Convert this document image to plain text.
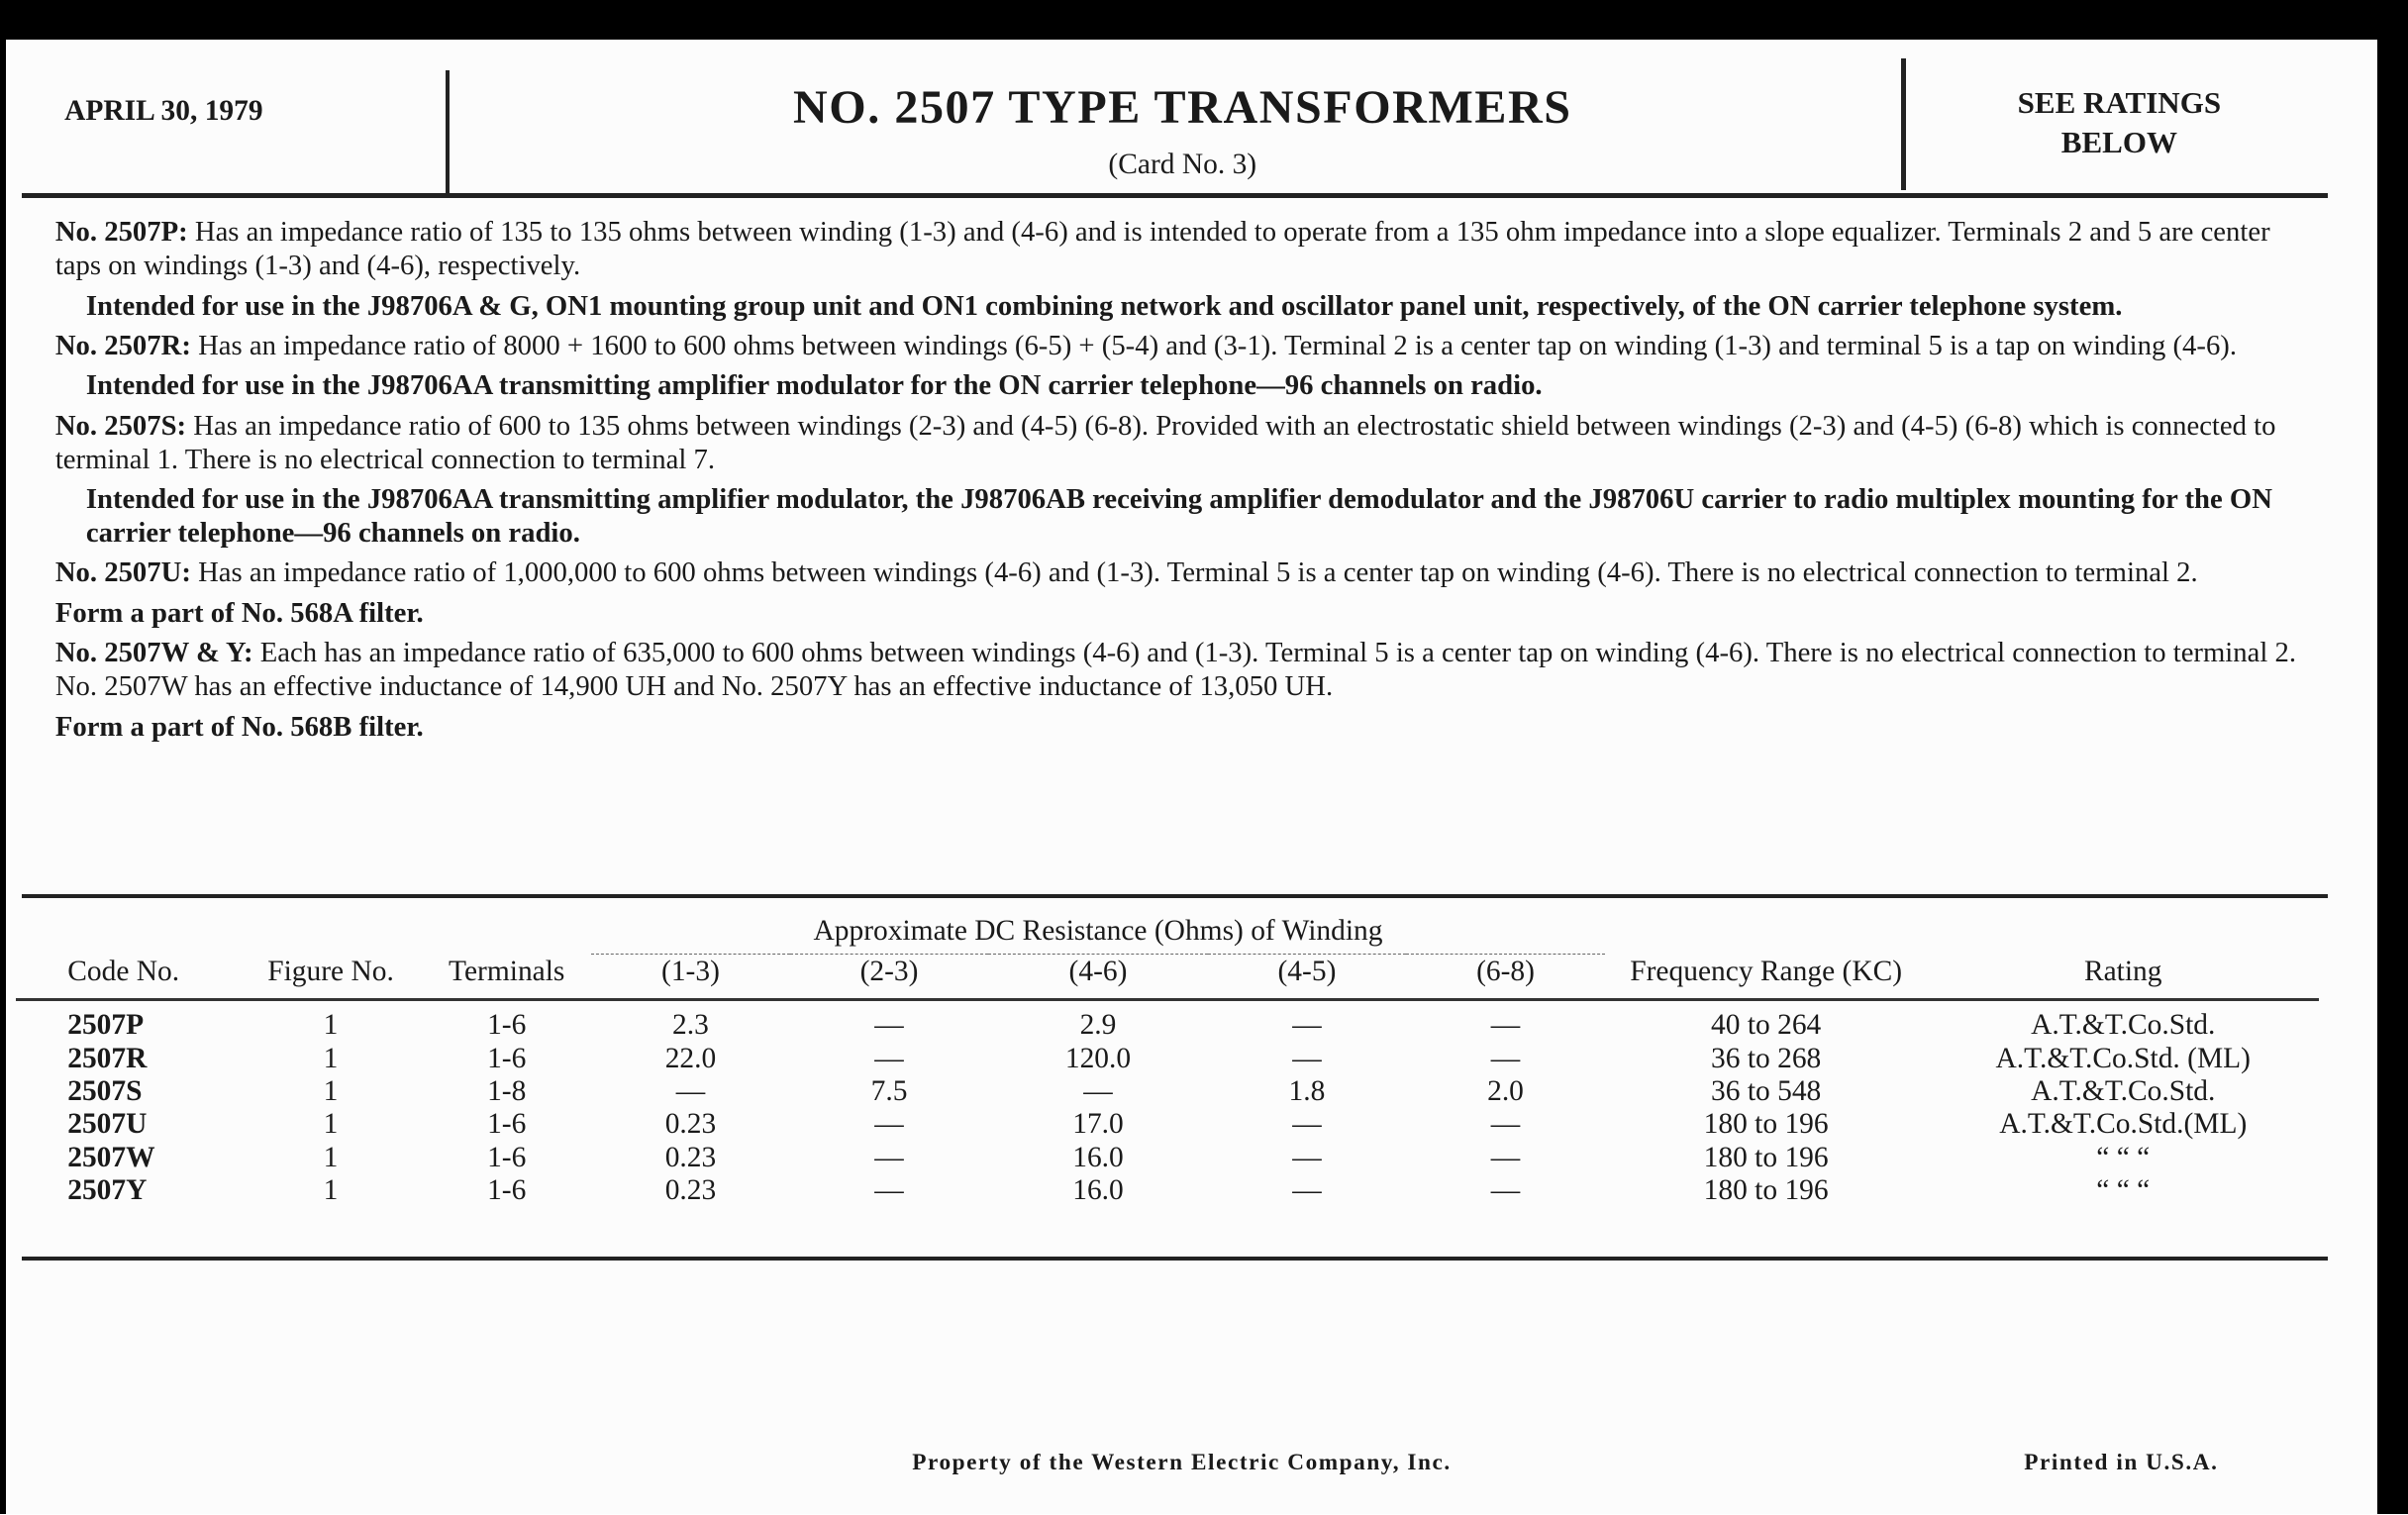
APRIL 30, 1979	NO. 2507 TYPE TRANSFORMERS
(Card No. 3)
SEE RATINGS
BELOW

No. 2507P: Has an impedance ratio of 135 to 135 ohms between winding (1-3) and (4-6) and is intended to operate from a 135 ohm impedance into a slope equalizer. Terminals 2 and 5 are center taps on windings (1-3) and (4-6), respectively.

Intended for use in the J98706A & G, ON1 mounting group unit and ON1 combining network and oscillator panel unit, respectively, of the ON carrier telephone system.

No. 2507R: Has an impedance ratio of 8000 + 1600 to 600 ohms between windings (6-5) + (5-4) and (3-1). Terminal 2 is a center tap on winding (1-3) and terminal 5 is a tap on winding (4-6).

Intended for use in the J98706AA transmitting amplifier modulator for the ON carrier telephone—96 channels on radio.

No. 2507S: Has an impedance ratio of 600 to 135 ohms between windings (2-3) and (4-5) (6-8). Provided with an electrostatic shield between windings (2-3) and (4-5) (6-8) which is connected to terminal 1. There is no electrical connection to terminal 7.

Intended for use in the J98706AA transmitting amplifier modulator, the J98706AB receiving amplifier demodulator and the J98706U carrier to radio multiplex mounting for the ON carrier telephone—96 channels on radio.

No. 2507U: Has an impedance ratio of 1,000,000 to 600 ohms between windings (4-6) and (1-3). Terminal 5 is a center tap on winding (4-6). There is no electrical connection to terminal 2.

Form a part of No. 568A filter.

No. 2507W & Y: Each has an impedance ratio of 635,000 to 600 ohms between windings (4-6) and (1-3). Terminal 5 is a center tap on winding (4-6). There is no electrical connection to terminal 2. No. 2507W has an effective inductance of 14,900 UH and No. 2507Y has an effective inductance of 13,050 UH.

Form a part of No. 568B filter.

Code No.	Figure No.	Terminals	Approximate DC Resistance (Ohms) of Winding					Frequency Range (KC)	Rating
			(1-3)	(2-3)	(4-6)	(4-5)	(6-8)		

2507P	1	1-6	2.3	—	2.9	—	—	40 to 264	A.T.&T.Co.Std.
2507R	1	1-6	22.0	—	120.0	—	—	36 to 268	A.T.&T.Co.Std. (ML)
2507S	1	1-8	—	7.5	—	1.8	2.0	36 to 548	A.T.&T.Co.Std.
2507U	1	1-6	0.23	—	17.0	—	—	180 to 196	A.T.&T.Co.Std.(ML)
2507W	1	1-6	0.23	—	16.0	—	—	180 to 196	“ “ “
2507Y	1	1-6	0.23	—	16.0	—	—	180 to 196	“ “ “
Property of the Western Electric Company, Inc.	Printed in U.S.A.
